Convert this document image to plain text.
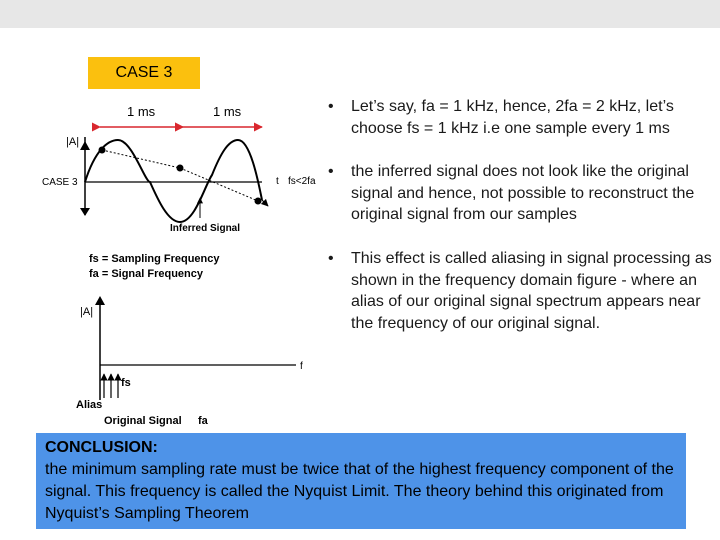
CASE 3
1 ms	1 ms
|A|
CASE 3	t fs<2fa
Inferred Signal
fs = Sampling Frequency
fa = Signal Frequency
|A|
f
fs
Alias
Original Signal fa
• Let’s say, fa = 1 kHz, hence, 2fa = 2 kHz, let’s choose fs = 1 kHz i.e one sample every 1 ms
• the inferred signal does not look like the original signal and hence, not possible to reconstruct the original signal from our samples
• This effect is called aliasing in signal processing as shown in the frequency domain figure - where an alias of our original signal spectrum appears near the frequency of our original signal.
CONCLUSION:
the minimum sampling rate must be twice that of the highest frequency component of the signal. This frequency is called the Nyquist Limit. The theory behind this originated from Nyquist’s Sampling Theorem
